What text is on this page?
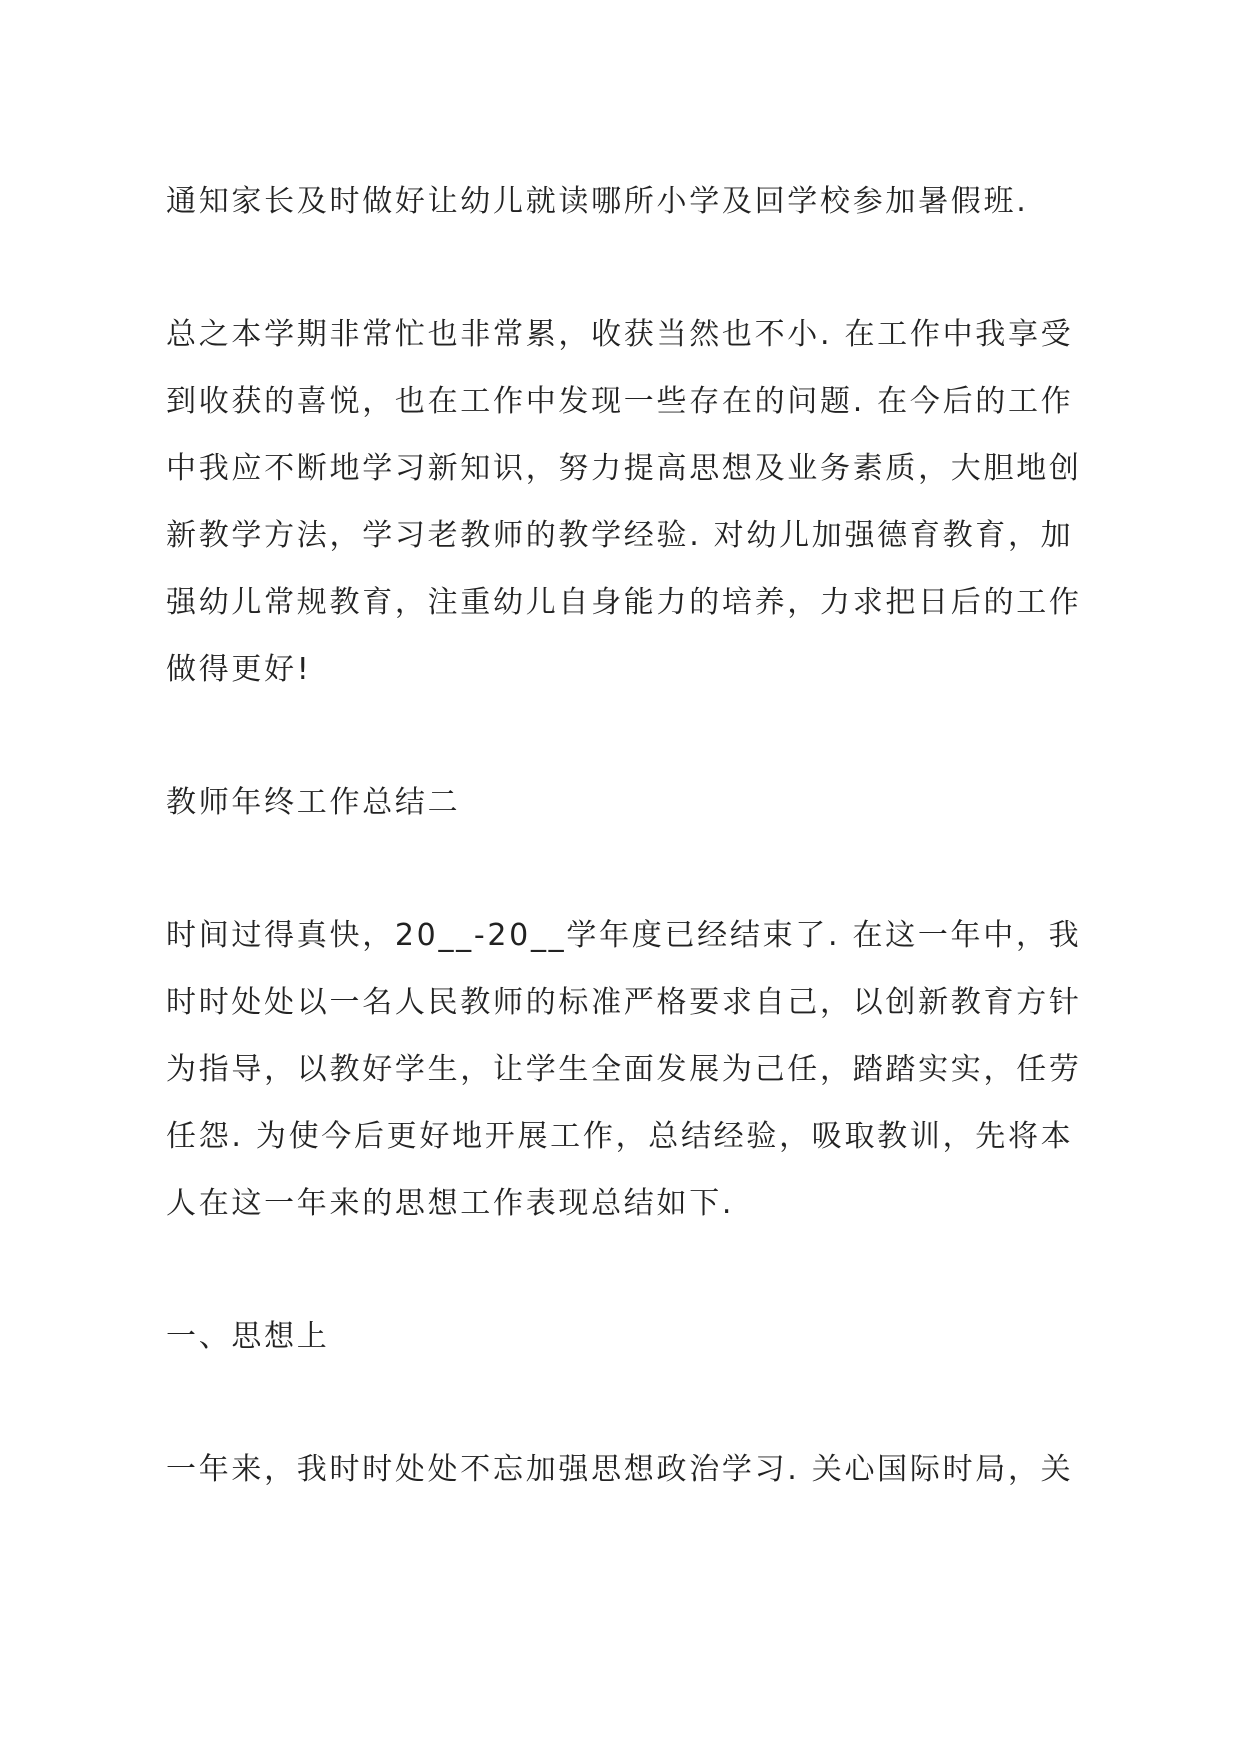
通知家长及时做好让幼儿就读哪所小学及回学校参加暑假班.
总之本学期非常忙也非常累，收获当然也不小. 在工作中我享受
到收获的喜悦，也在工作中发现一些存在的问题. 在今后的工作
中我应不断地学习新知识，努力提高思想及业务素质，大胆地创
新教学方法，学习老教师的教学经验. 对幼儿加强德育教育，加
强幼儿常规教育，注重幼儿自身能力的培养，力求把日后的工作
做得更好!
教师年终工作总结二
时间过得真快，20__-20__学年度已经结束了. 在这一年中，我
时时处处以一名人民教师的标准严格要求自己，以创新教育方针
为指导，以教好学生，让学生全面发展为己任，踏踏实实，任劳
任怨. 为使今后更好地开展工作，总结经验，吸取教训，先将本
人在这一年来的思想工作表现总结如下.
一、思想上
一年来，我时时处处不忘加强思想政治学习. 关心国际时局，关
